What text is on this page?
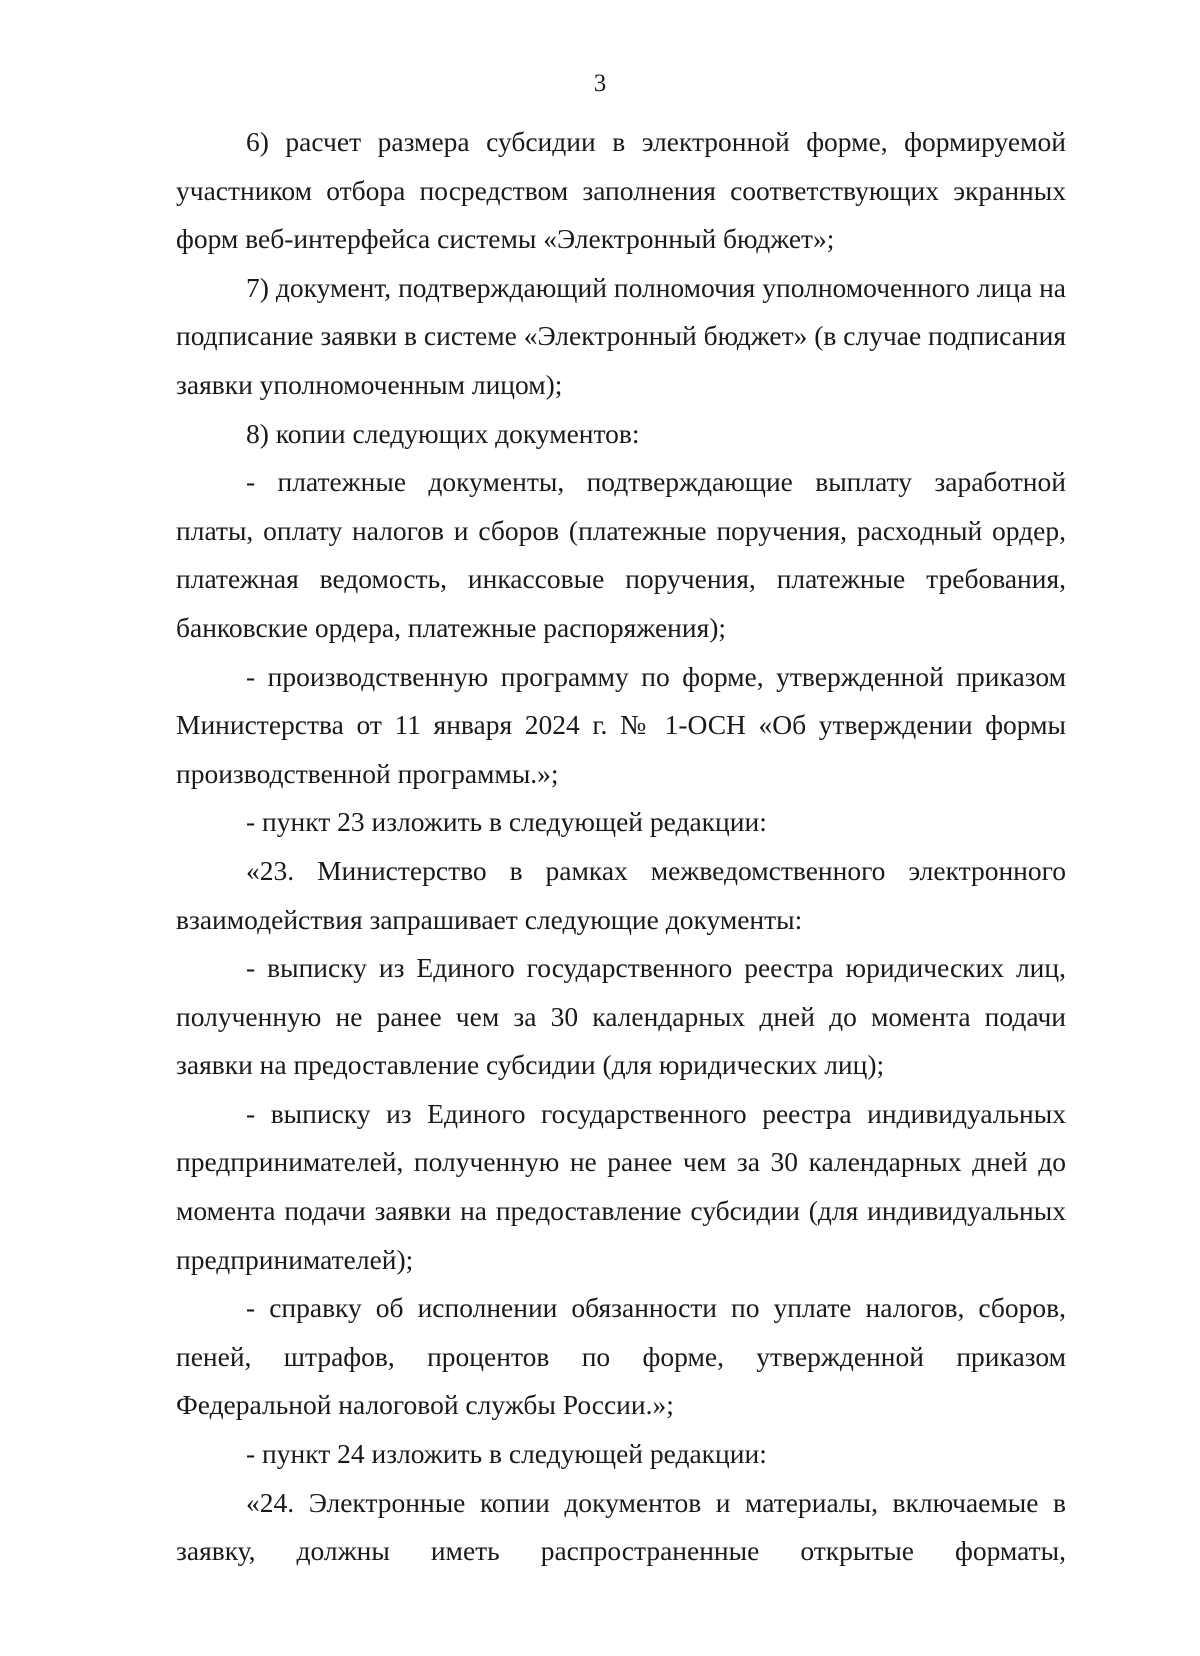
3

6) расчет размера субсидии в электронной форме, формируемой участником отбора посредством заполнения соответствующих экранных форм веб-интерфейса системы «Электронный бюджет»;

7) документ, подтверждающий полномочия уполномоченного лица на подписание заявки в системе «Электронный бюджет» (в случае подписания заявки уполномоченным лицом);

8) копии следующих документов:

- платежные документы, подтверждающие выплату заработной платы, оплату налогов и сборов (платежные поручения, расходный ордер, платежная ведомость, инкассовые поручения, платежные требования, банковские ордера, платежные распоряжения);

- производственную программу по форме, утвержденной приказом Министерства от 11 января 2024 г. № 1-ОСН «Об утверждении формы производственной программы.»;

- пункт 23 изложить в следующей редакции:

«23. Министерство в рамках межведомственного электронного взаимодействия запрашивает следующие документы:

- выписку из Единого государственного реестра юридических лиц, полученную не ранее чем за 30 календарных дней до момента подачи заявки на предоставление субсидии (для юридических лиц);

- выписку из Единого государственного реестра индивидуальных предпринимателей, полученную не ранее чем за 30 календарных дней до момента подачи заявки на предоставление субсидии (для индивидуальных предпринимателей);

- справку об исполнении обязанности по уплате налогов, сборов, пеней, штрафов, процентов по форме, утвержденной приказом Федеральной налоговой службы России.»;

- пункт 24 изложить в следующей редакции:

«24. Электронные копии документов и материалы, включаемые в заявку, должны иметь распространенные открытые форматы,
